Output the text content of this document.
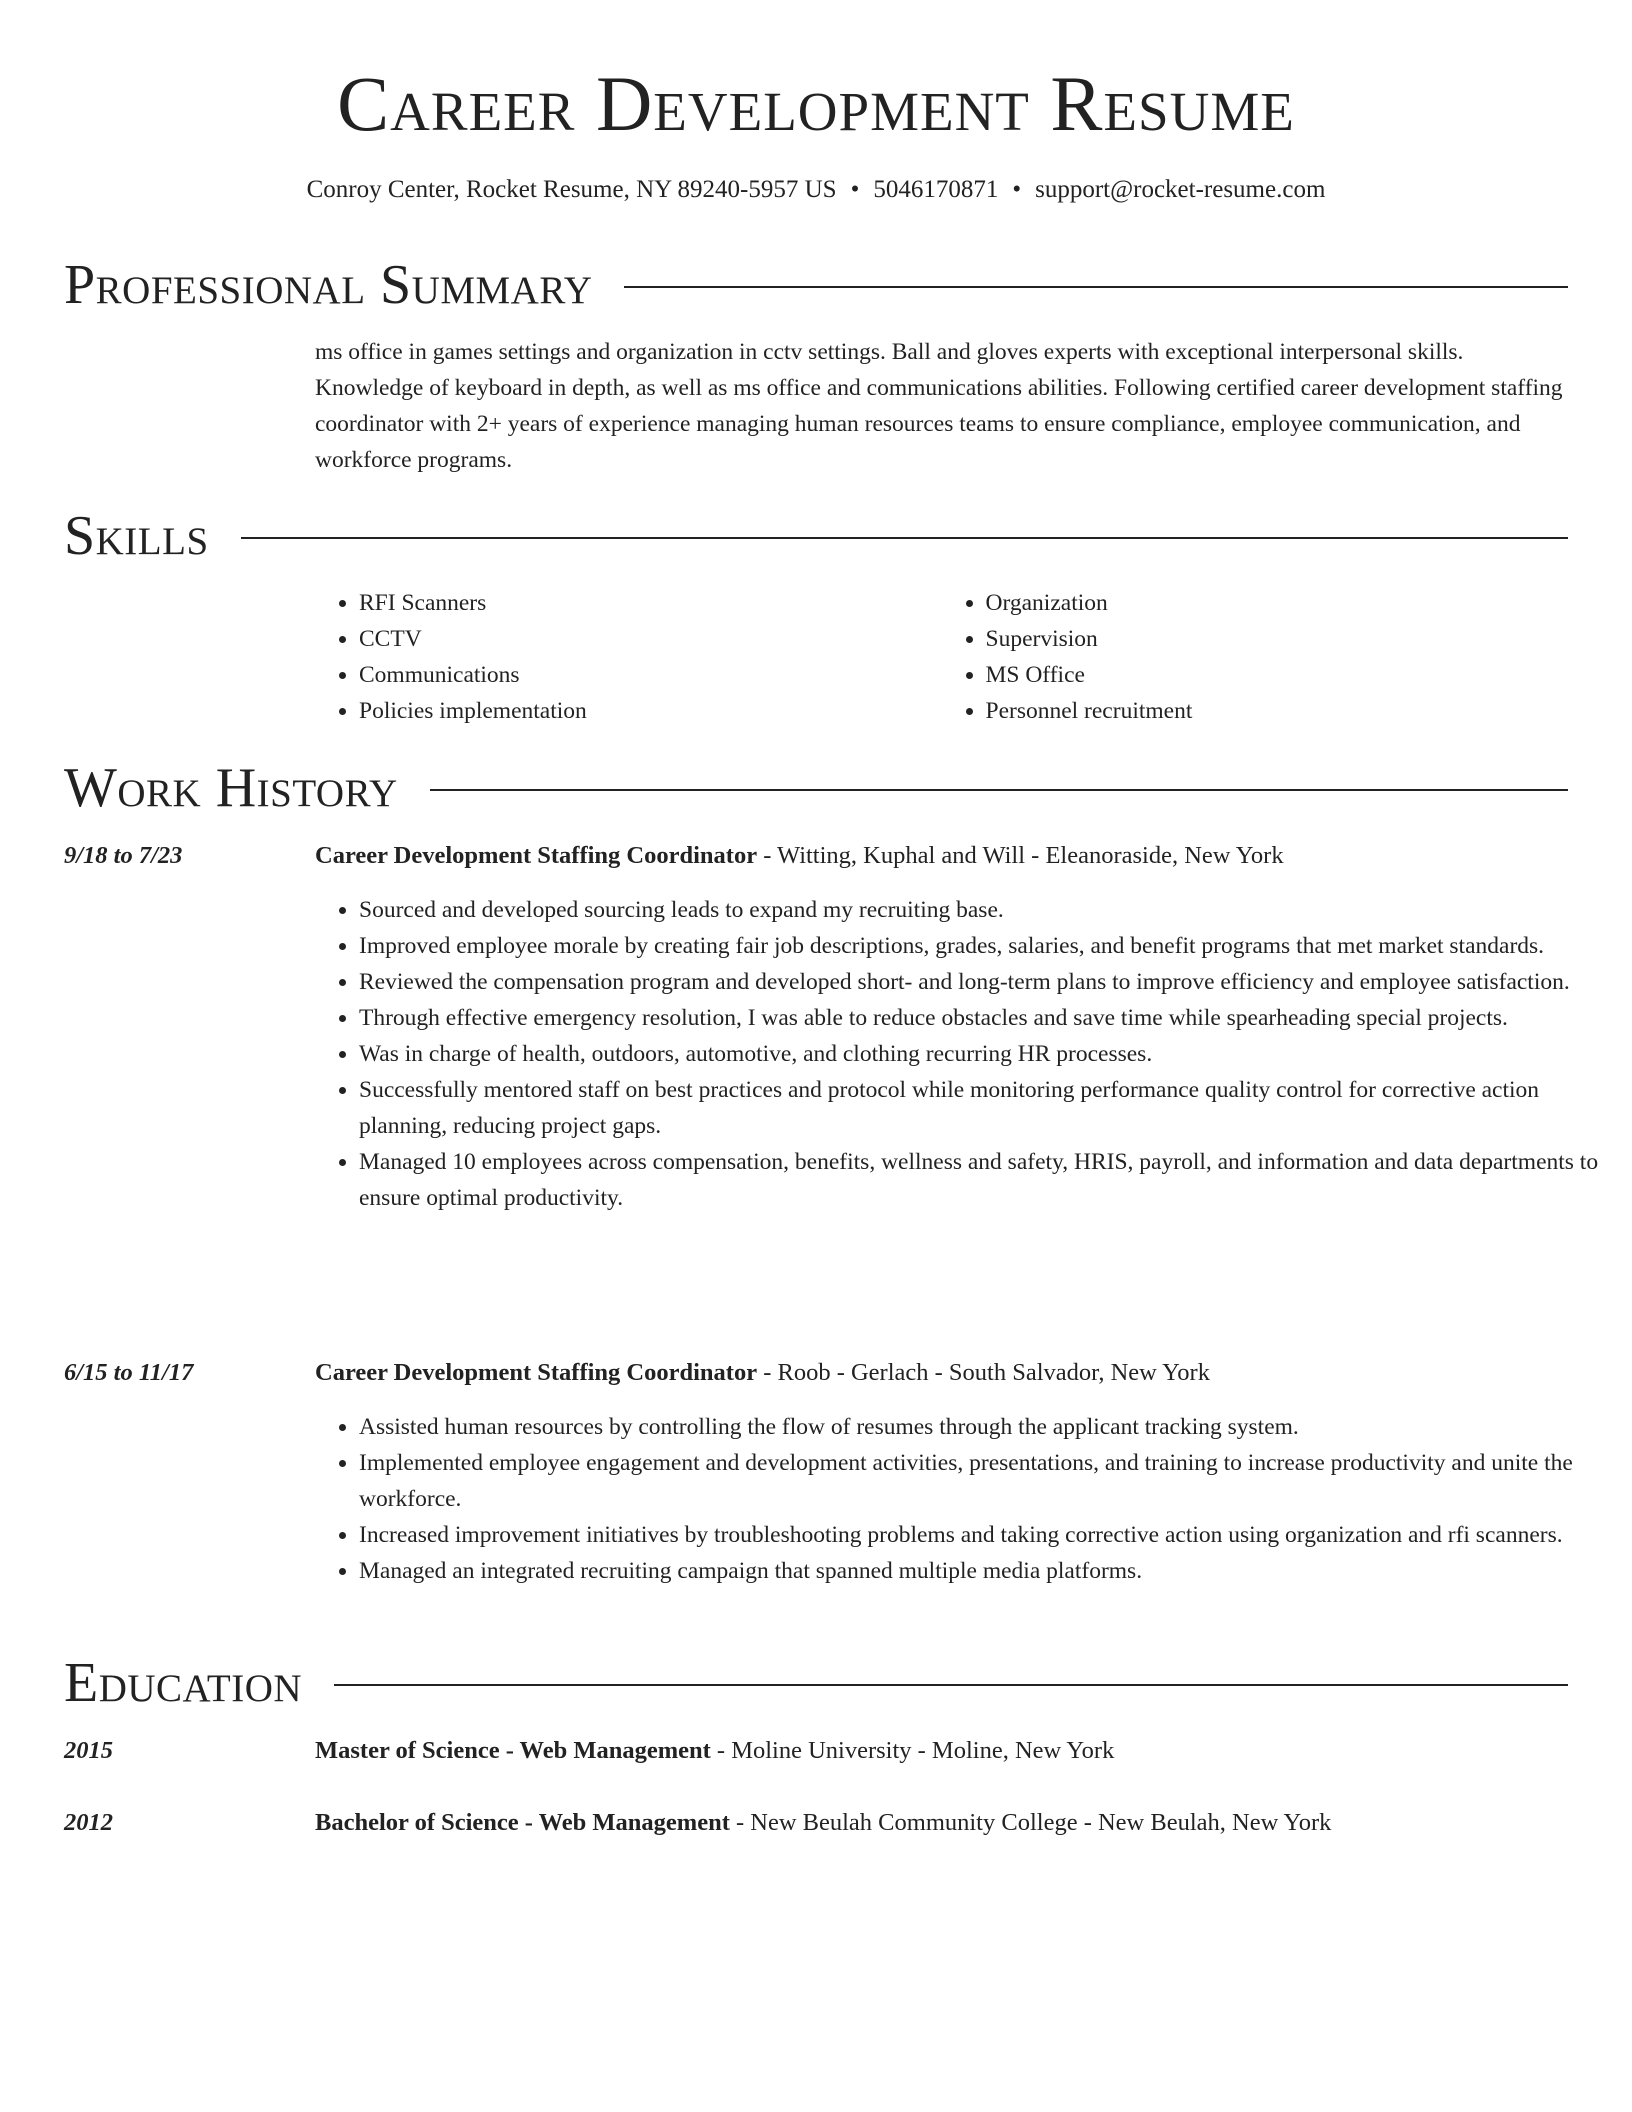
Career Development Resume
Conroy Center, Rocket Resume, NY 89240-5957 US • 5046170871 • support@rocket-resume.com
Professional Summary
ms office in games settings and organization in cctv settings. Ball and gloves experts with exceptional interpersonal skills. Knowledge of keyboard in depth, as well as ms office and communications abilities. Following certified career development staffing coordinator with 2+ years of experience managing human resources teams to ensure compliance, employee communication, and workforce programs.
Skills
• RFI Scanners
• CCTV
• Communications
• Policies implementation
• Organization
• Supervision
• MS Office
• Personnel recruitment
Work History
9/18 to 7/23	Career Development Staffing Coordinator - Witting, Kuphal and Will - Eleanoraside, New York
• Sourced and developed sourcing leads to expand my recruiting base.
• Improved employee morale by creating fair job descriptions, grades, salaries, and benefit programs that met market standards.
• Reviewed the compensation program and developed short- and long-term plans to improve efficiency and employee satisfaction.
• Through effective emergency resolution, I was able to reduce obstacles and save time while spearheading special projects.
• Was in charge of health, outdoors, automotive, and clothing recurring HR processes.
• Successfully mentored staff on best practices and protocol while monitoring performance quality control for corrective action planning, reducing project gaps.
• Managed 10 employees across compensation, benefits, wellness and safety, HRIS, payroll, and information and data departments to ensure optimal productivity.
6/15 to 11/17	Career Development Staffing Coordinator - Roob - Gerlach - South Salvador, New York
• Assisted human resources by controlling the flow of resumes through the applicant tracking system.
• Implemented employee engagement and development activities, presentations, and training to increase productivity and unite the workforce.
• Increased improvement initiatives by troubleshooting problems and taking corrective action using organization and rfi scanners.
• Managed an integrated recruiting campaign that spanned multiple media platforms.
Education
2015	Master of Science - Web Management - Moline University - Moline, New York
2012	Bachelor of Science - Web Management - New Beulah Community College - New Beulah, New York
